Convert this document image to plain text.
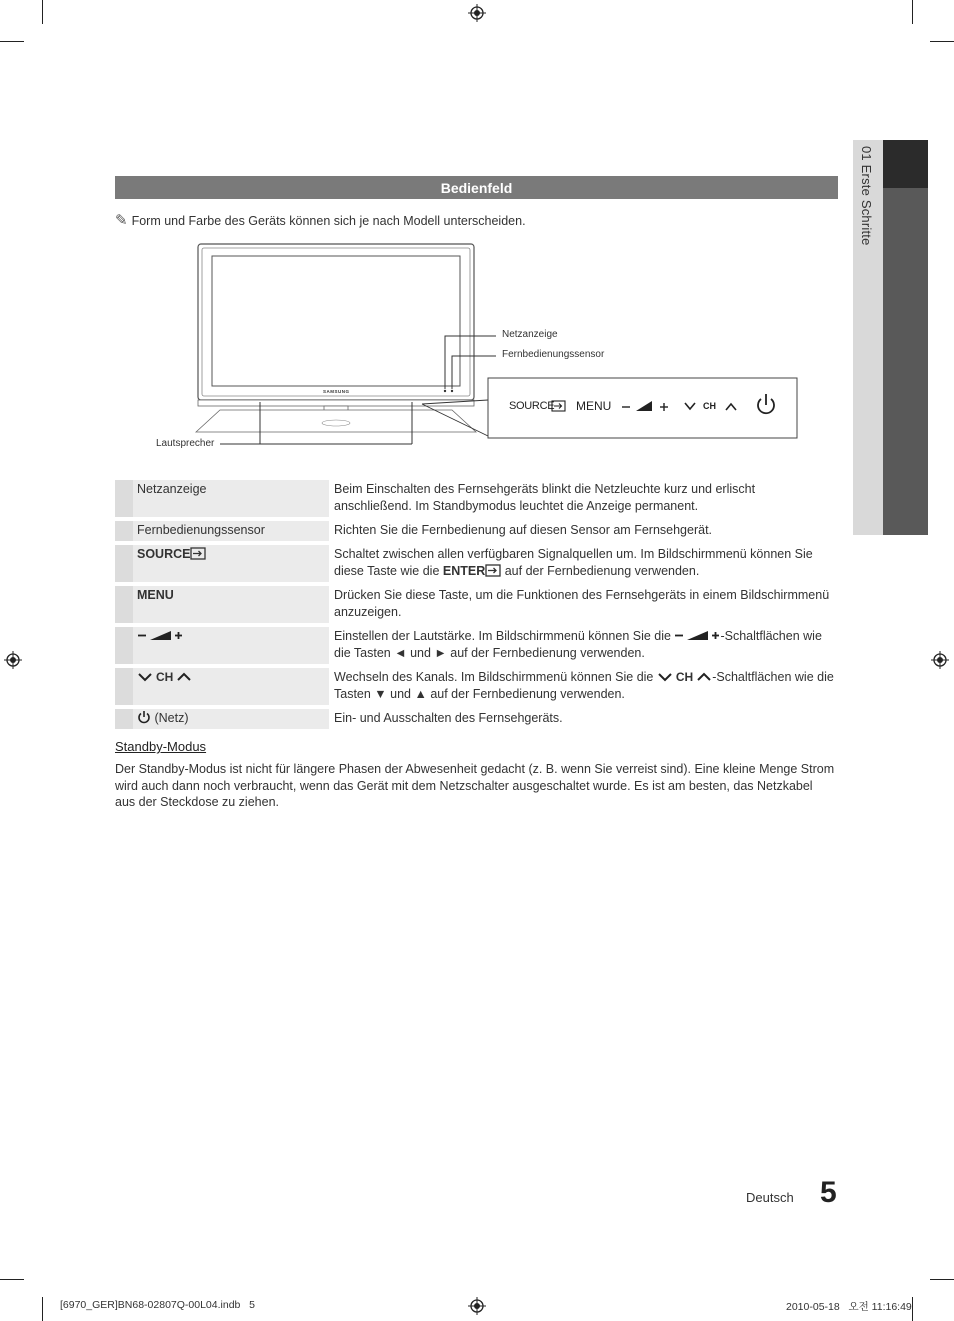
01 Erste Schritte
Bedienfeld
✎ Form und Farbe des Geräts können sich je nach Modell unterscheiden.
Netzanzeige
Fernbedienungssensor
Lautsprecher
SAMSUNG
SOURCE MENU	CH
	Netzanzeige	Beim Einschalten des Fernsehgeräts blinkt die Netzleuchte kurz und erlischt anschließend. Im Standbymodus leuchtet die Anzeige permanent.
	Fernbedienungssensor	Richten Sie die Fernbedienung auf diesen Sensor am Fernsehgerät.
	SOURCE	Schaltet zwischen allen verfügbaren Signalquellen um. Im Bildschirmmenü können Sie diese Taste wie die ENTER auf der Fernbedienung verwenden.
	MENU	Drücken Sie diese Taste, um die Funktionen des Fernsehgeräts in einem Bildschirmmenü anzuzeigen.
		Einstellen der Lautstärke. Im Bildschirmmenü können Sie die -Schaltflächen wie die Tasten ◄ und ► auf der Fernbedienung verwenden.
	CH	Wechseln des Kanals. Im Bildschirmmenü können Sie die CH -Schaltflächen wie die Tasten ▼ und ▲ auf der Fernbedienung verwenden.
	(Netz)	Ein- und Ausschalten des Fernsehgeräts.
Standby-Modus
Der Standby-Modus ist nicht für längere Phasen der Abwesenheit gedacht (z. B. wenn Sie verreist sind). Eine kleine Menge Strom wird auch dann noch verbraucht, wenn das Gerät mit dem Netzschalter ausgeschaltet wurde. Es ist am besten, das Netzkabel aus der Steckdose zu ziehen.
Deutsch 5
[6970_GER]BN68-02807Q-00L04.indb   5	2010-05-18   오전 11:16:49
